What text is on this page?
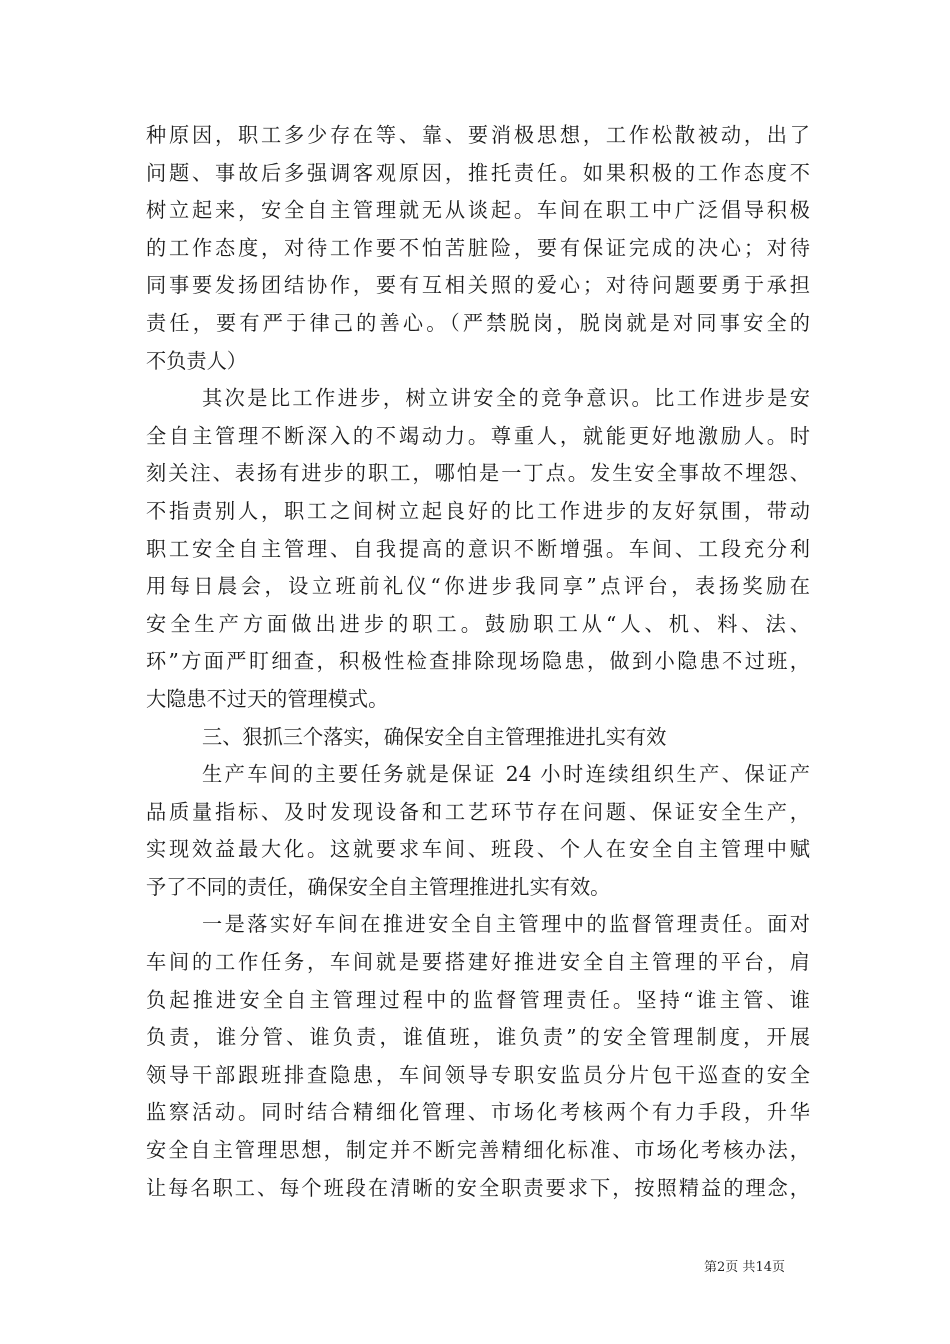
种原因，职工多少存在等、靠、要消极思想，工作松散被动，出了
问题、事故后多强调客观原因，推托责任。如果积极的工作态度不
树立起来，安全自主管理就无从谈起。车间在职工中广泛倡导积极
的工作态度，对待工作要不怕苦脏险，要有保证完成的决心；对待
同事要发扬团结协作，要有互相关照的爱心；对待问题要勇于承担
责任，要有严于律己的善心。（严禁脱岗，脱岗就是对同事安全的
不负责人）
其次是比工作进步，树立讲安全的竞争意识。比工作进步是安
全自主管理不断深入的不竭动力。尊重人，就能更好地激励人。时
刻关注、表扬有进步的职工，哪怕是一丁点。发生安全事故不埋怨、
不指责别人，职工之间树立起良好的比工作进步的友好氛围，带动
职工安全自主管理、自我提高的意识不断增强。车间、工段充分利
用每日晨会，设立班前礼仪“你进步我同享”点评台，表扬奖励在
安全生产方面做出进步的职工。鼓励职工从“人、机、料、法、
环”方面严盯细查，积极性检查排除现场隐患，做到小隐患不过班，
大隐患不过天的管理模式。
三、狠抓三个落实，确保安全自主管理推进扎实有效
生产车间的主要任务就是保证 24 小时连续组织生产、保证产
品质量指标、及时发现设备和工艺环节存在问题、保证安全生产，
实现效益最大化。这就要求车间、班段、个人在安全自主管理中赋
予了不同的责任，确保安全自主管理推进扎实有效。
一是落实好车间在推进安全自主管理中的监督管理责任。面对
车间的工作任务，车间就是要搭建好推进安全自主管理的平台，肩
负起推进安全自主管理过程中的监督管理责任。坚持“谁主管、谁
负责，谁分管、谁负责，谁值班，谁负责”的安全管理制度，开展
领导干部跟班排查隐患，车间领导专职安监员分片包干巡查的安全
监察活动。同时结合精细化管理、市场化考核两个有力手段，升华
安全自主管理思想，制定并不断完善精细化标准、市场化考核办法，
让每名职工、每个班段在清晰的安全职责要求下，按照精益的理念，
第2页 共14页
